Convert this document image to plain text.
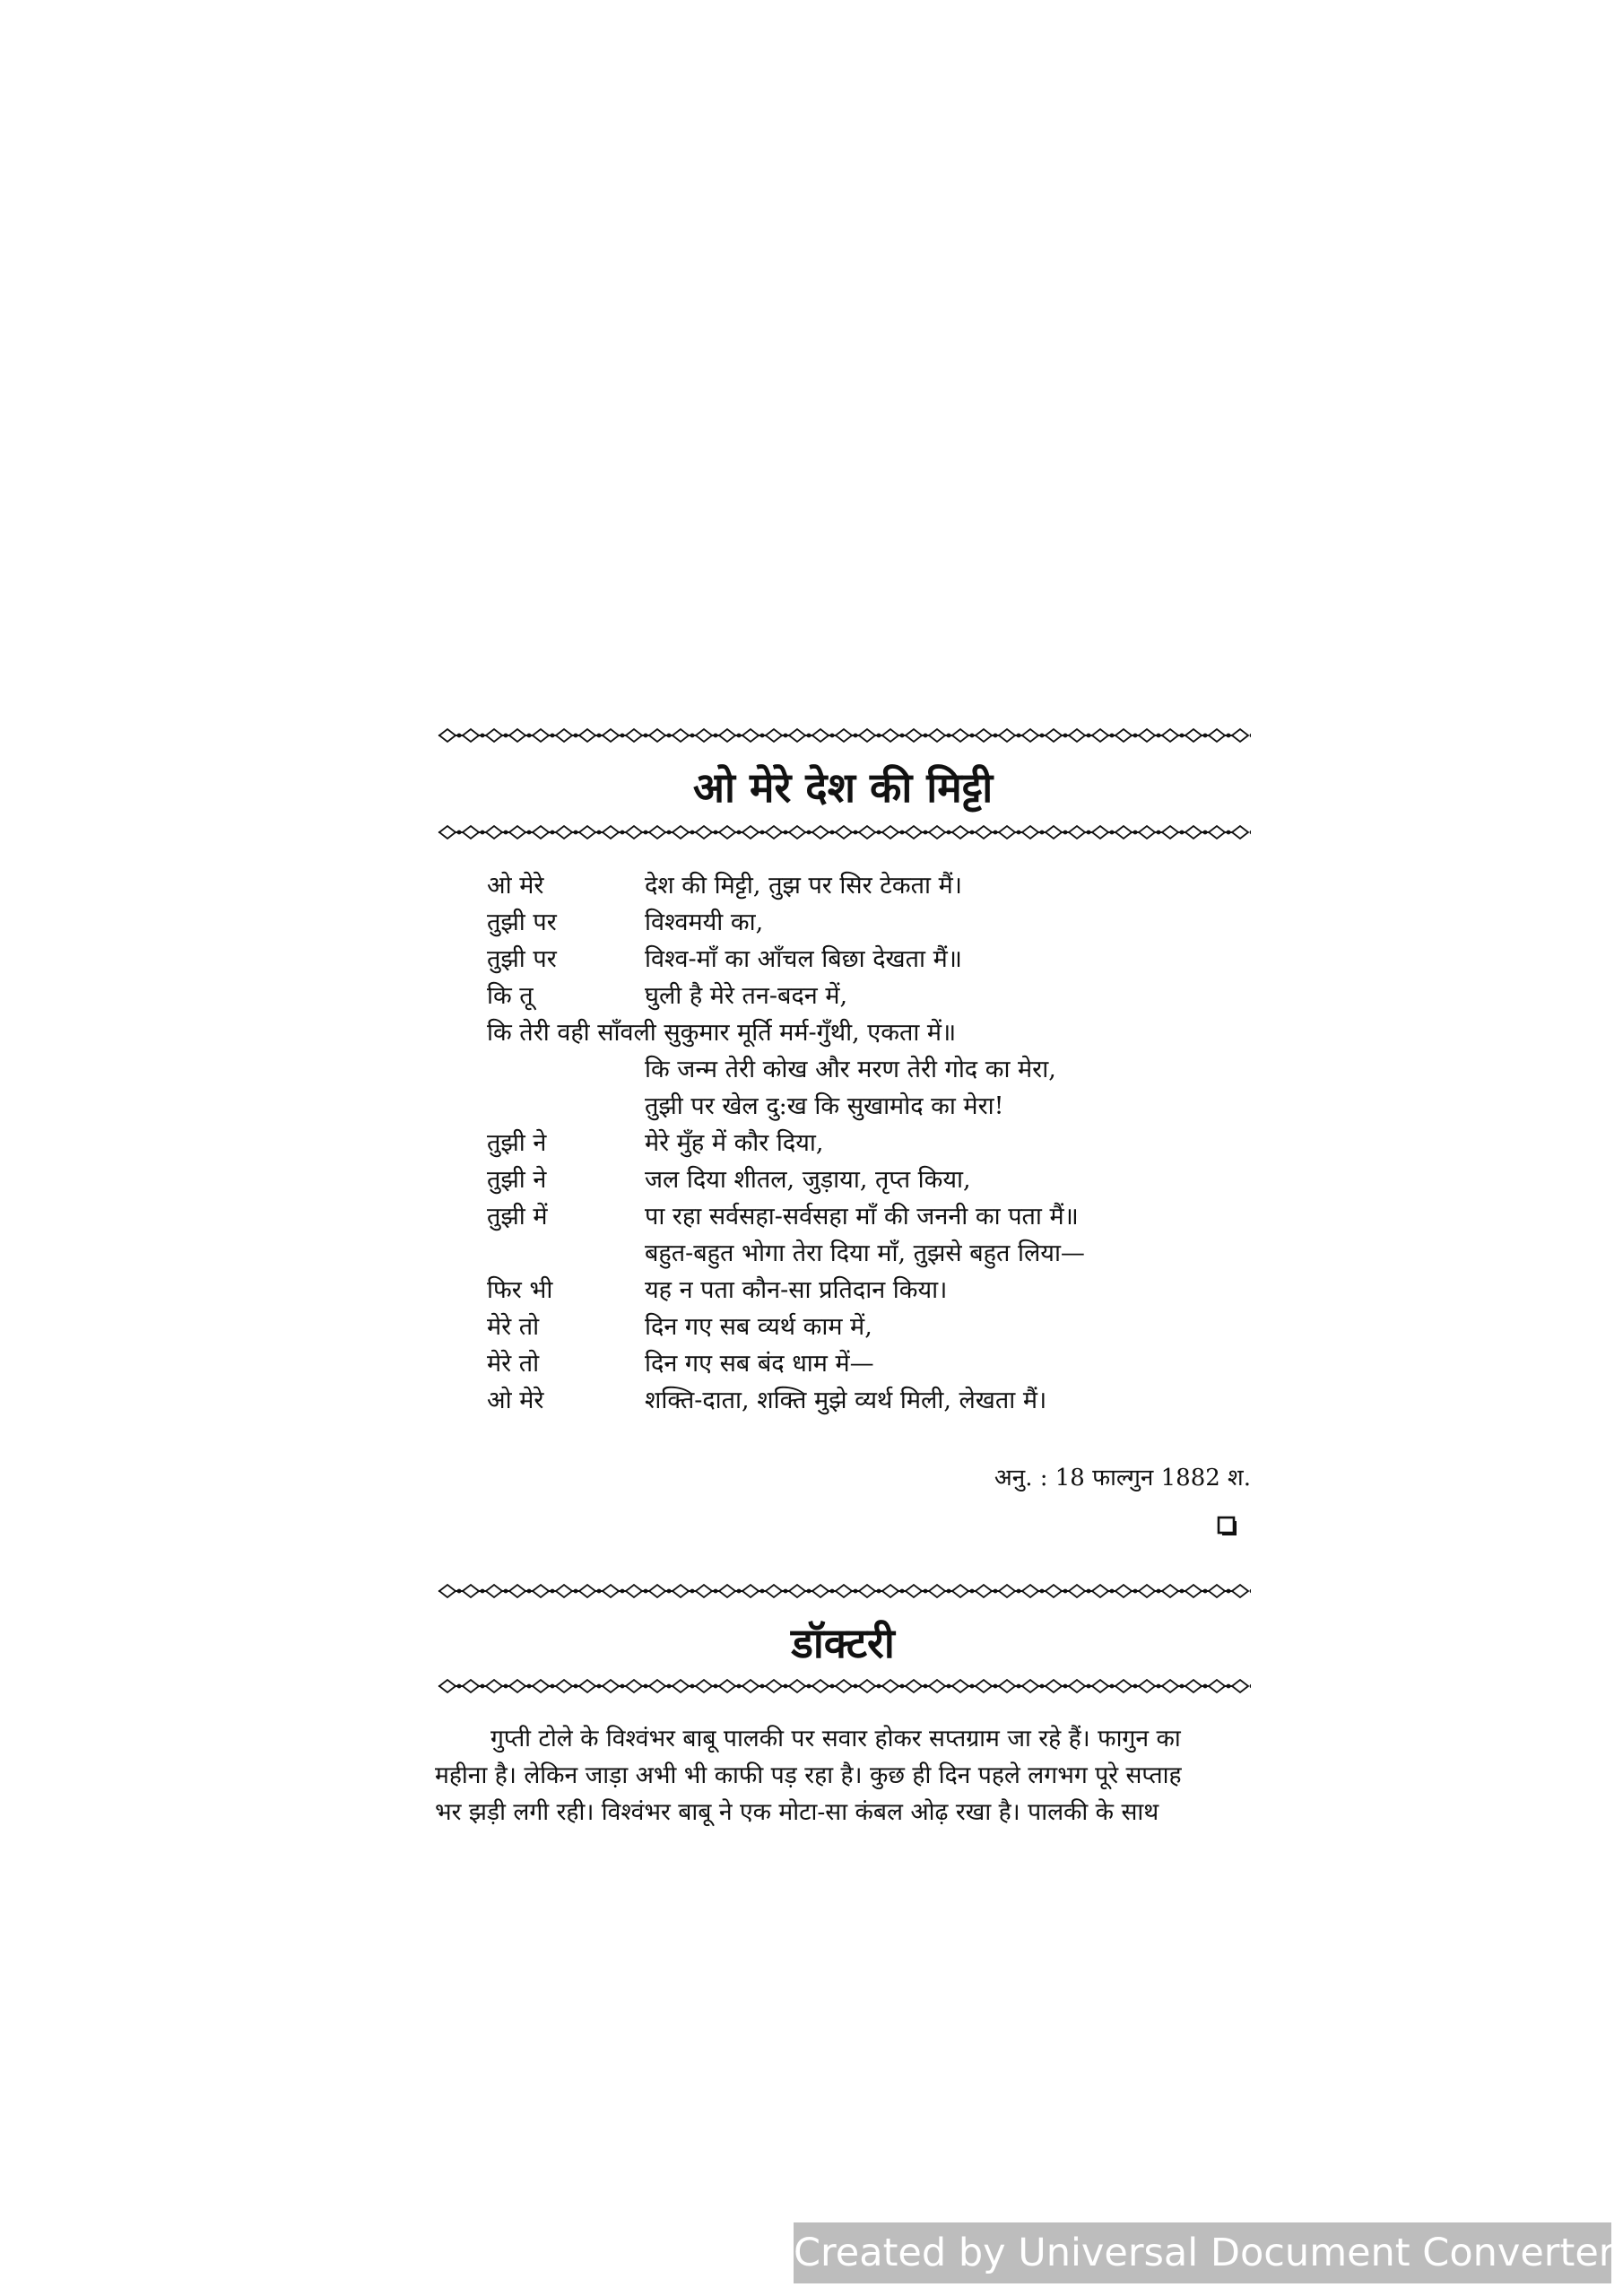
ओ मेरे देश की मिट्टी
ओ मेरे	देश की मिट्टी, तुझ पर सिर टेकता मैं।
तुझी पर	विश्वमयी का,
तुझी पर	विश्व-माँ का आँचल बिछा देखता मैं॥
कि तू	घुली है मेरे तन-बदन में,
कि तेरी वही साँवली सुकुमार मूर्ति मर्म-गुँथी, एकता में॥
कि जन्म तेरी कोख और मरण तेरी गोद का मेरा,
तुझी पर खेल दु:ख कि सुखामोद का मेरा!
तुझी ने	मेरे मुँह में कौर दिया,
तुझी ने	जल दिया शीतल, जुड़ाया, तृप्त किया,
तुझी में	पा रहा सर्वसहा-सर्वसहा माँ की जननी का पता मैं॥
बहुत-बहुत भोगा तेरा दिया माँ, तुझसे बहुत लिया—
फिर भी	यह न पता कौन-सा प्रतिदान किया।
मेरे तो	दिन गए सब व्यर्थ काम में,
मेरे तो	दिन गए सब बंद धाम में—
ओ मेरे	शक्ति-दाता, शक्ति मुझे व्यर्थ मिली, लेखता मैं।
अनु. : 18 फाल्गुन 1882 श.
डॉक्टरी
गुप्ती टोले के विश्वंभर बाबू पालकी पर सवार होकर सप्तग्राम जा रहे हैं। फागुन का
महीना है। लेकिन जाड़ा अभी भी काफी पड़ रहा है। कुछ ही दिन पहले लगभग पूरे सप्ताह
भर झड़ी लगी रही। विश्वंभर बाबू ने एक मोटा-सा कंबल ओढ़ रखा है। पालकी के साथ
Created by Universal Document Converter
